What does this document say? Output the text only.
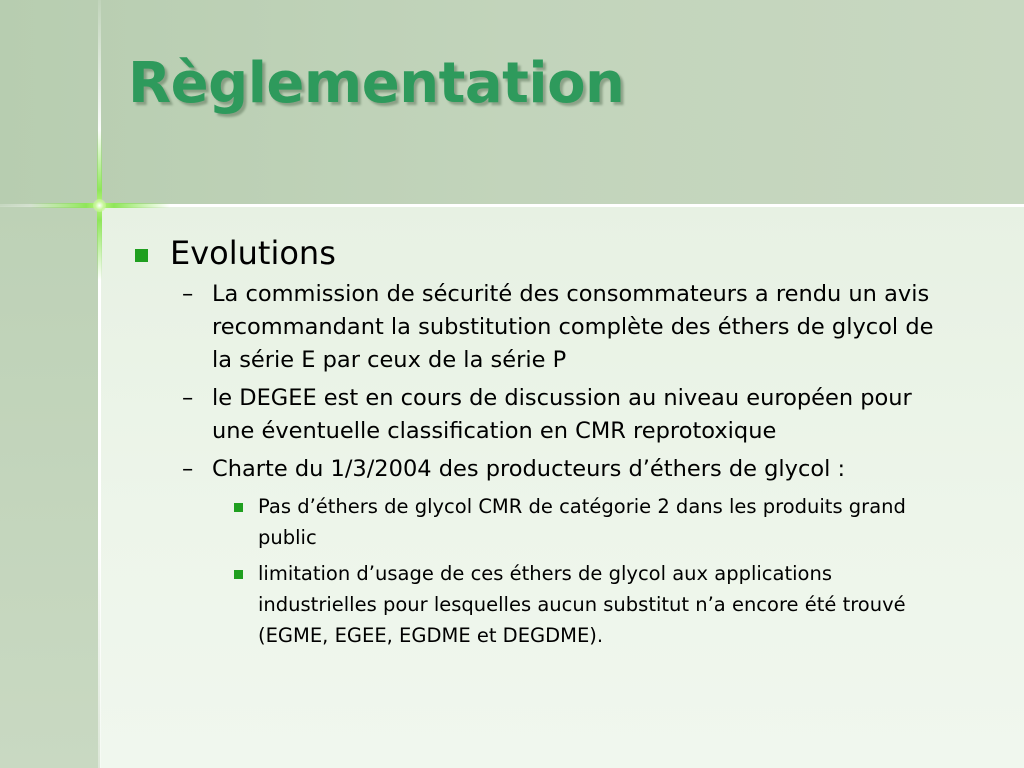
Règlementation
Evolutions
– La commission de sécurité des consommateurs a rendu un avis recommandant la substitution complète des éthers de glycol de la série E par ceux de la série P
– le DEGEE est en cours de discussion au niveau européen pour une éventuelle classification en CMR reprotoxique
– Charte du 1/3/2004 des producteurs d’éthers de glycol :
Pas d’éthers de glycol CMR de catégorie 2 dans les produits grand public
limitation d’usage de ces éthers de glycol aux applications industrielles pour lesquelles aucun substitut n’a encore été trouvé (EGME, EGEE, EGDME et DEGDME).
